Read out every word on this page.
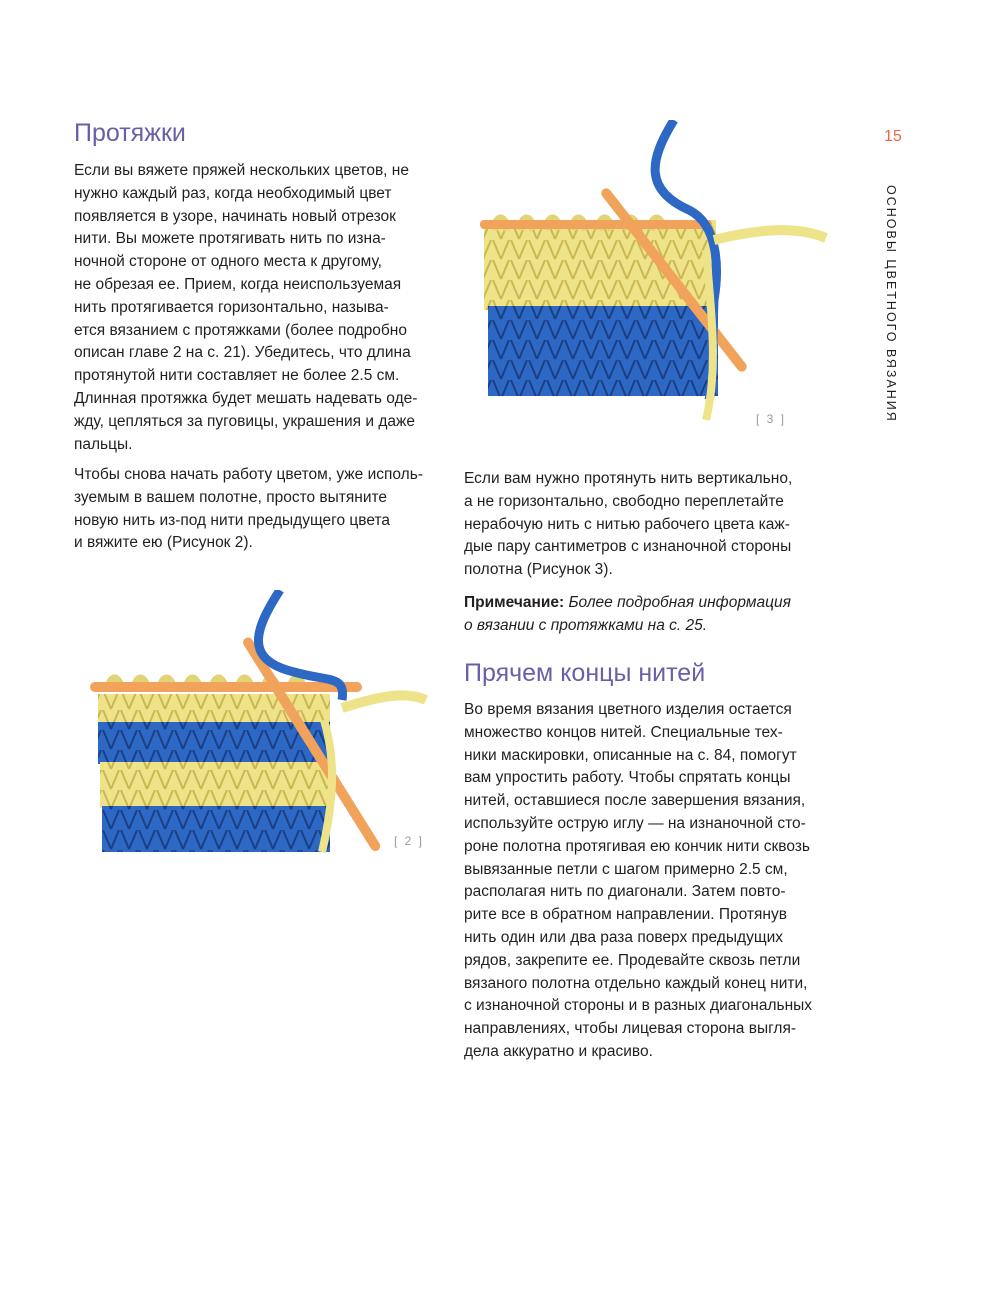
15
ОСНОВЫ ЦВЕТНОГО ВЯЗАНИЯ
Протяжки

Если вы вяжете пряжей нескольких цветов, не

нужно каждый раз, когда необходимый цвет

появляется в узоре, начинать новый отрезок

нити. Вы можете протягивать нить по изна-

ночной стороне от одного места к другому,

не обрезая ее. Прием, когда неиспользуемая

нить протягивается горизонтально, называ-

ется вязанием с протяжками (более подробно

описан главе 2 на с. 21). Убедитесь, что длина

протянутой нити составляет не более 2.5 см.

Длинная протяжка будет мешать надевать оде-

жду, цепляться за пуговицы, украшения и даже

пальцы.

Чтобы снова начать работу цветом, уже исполь-

зуемым в вашем полотне, просто вытяните

новую нить из-под нити предыдущего цвета

и вяжите ею (Рисунок 2).

[ 3 ]

Если вам нужно протянуть нить вертикально,

а не горизонтально, свободно переплетайте

нерабочую нить с нитью рабочего цвета каж-

дые пару сантиметров с изнаночной стороны

полотна (Рисунок 3).

Примечание: Более подробная информация

о вязании с протяжками на с. 25.

Прячем концы нитей

Во время вязания цветного изделия остается

множество концов нитей. Специальные тех-

ники маскировки, описанные на с. 84, помогут

вам упростить работу. Чтобы спрятать концы

нитей, оставшиеся после завершения вязания,

используйте острую иглу — на изнаночной сто-

роне полотна протягивая ею кончик нити сквозь

вывязанные петли с шагом примерно 2.5 см,

располагая нить по диагонали. Затем повто-

рите все в обратном направлении. Протянув

нить один или два раза поверх предыдущих

рядов, закрепите ее. Продевайте сквозь петли

вязаного полотна отдельно каждый конец нити,

с изнаночной стороны и в разных диагональных

направлениях, чтобы лицевая сторона выгля-

дела аккуратно и красиво.

[ 2 ]
